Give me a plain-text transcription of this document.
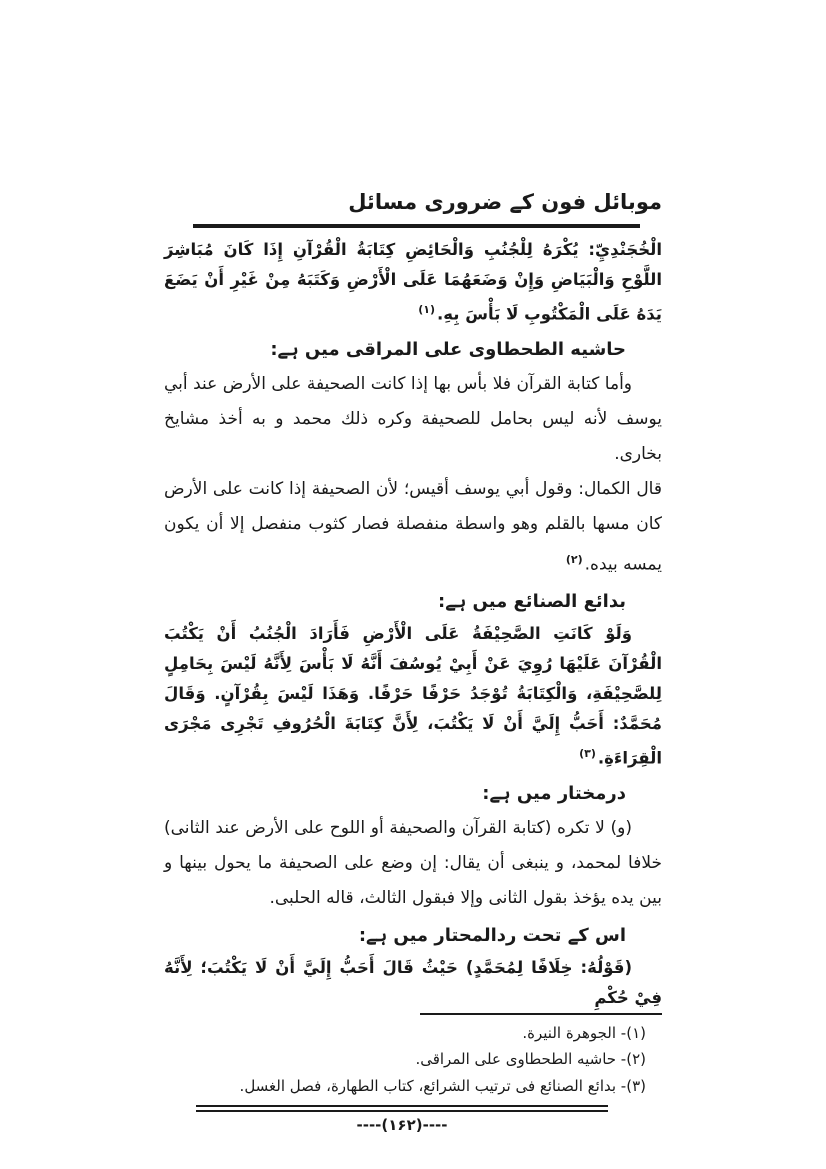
موبائل فون کے ضروری مسائل

الْخُجَنْدِيِّ: يُكْرَهُ لِلْجُنُبِ وَالْحَائِضِ كِتَابَةُ الْقُرْآنِ إِذَا كَانَ مُبَاشِرَ اللَّوْحِ وَالْبَيَاضِ وَإِنْ وَضَعَهُمَا عَلَى الْأَرْضِ وَكَتَبَهُ مِنْ غَيْرِ أَنْ يَضَعَ يَدَهُ عَلَى الْمَكْتُوبِ لَا بَأْسَ بِهِ.$^{(۱)}$

حاشیه الطحطاوی علی المراقی میں ہے:

وأما كتابة القرآن فلا بأس بها إذا كانت الصحيفة على الأرض عند أبي يوسف لأنه ليس بحامل للصحيفة وكره ذلك محمد و به أخذ مشايخ بخارى.

قال الكمال: وقول أبي يوسف أقيس؛ لأن الصحيفة إذا كانت على الأرض كان مسها بالقلم وهو واسطة منفصلة فصار كثوب منفصل إلا أن يكون يمسه بيده.$^{(۲)}$

بدائع الصنائع میں ہے:

وَلَوْ كَانَتِ الصَّحِيْفَةُ عَلَى الْأَرْضِ فَأَرَادَ الْجُنُبُ أَنْ يَكْتُبَ الْقُرْآنَ عَلَيْهَا رُوِيَ عَنْ أَبِيْ يُوسُفَ أَنَّهُ لَا بَأْسَ لِأَنَّهُ لَيْسَ بِحَامِلٍ لِلصَّحِيْفَةِ، وَالْكِتَابَةُ تُوْجَدُ حَرْفًا حَرْفًا. وَهَذَا لَيْسَ بِقُرْآنٍ. وَقَالَ مُحَمَّدٌ: أَحَبُّ إِلَيَّ أَنْ لَا يَكْتُبَ، لِأَنَّ كِتَابَةَ الْحُرُوفِ تَجْرِى مَجْرَى الْقِرَاءَةِ.$^{(۳)}$

درمختار میں ہے:

(و) لا تكره (كتابة القرآن والصحيفة أو اللوح على الأرض عند الثانى) خلافا لمحمد، و ينبغى أن يقال: إن وضع على الصحيفة ما يحول بينها و بين يده يؤخذ بقول الثانى وإلا فبقول الثالث، قاله الحلبى.

اس کے تحت ردالمحتار میں ہے:

(قَوْلُهُ: خِلَافًا لِمُحَمَّدٍ) حَيْثُ قَالَ أَحَبُّ إِلَيَّ أَنْ لَا يَكْتُبَ؛ لِأَنَّهُ فِيْ حُكْمِ

(۱)- الجوهرة النيرة.
(۲)- حاشيه الطحطاوى على المراقى.
(۳)- بدائع الصنائع فى ترتيب الشرائع، كتاب الطهارة، فصل الغسل.
----(۱۶۲)----
